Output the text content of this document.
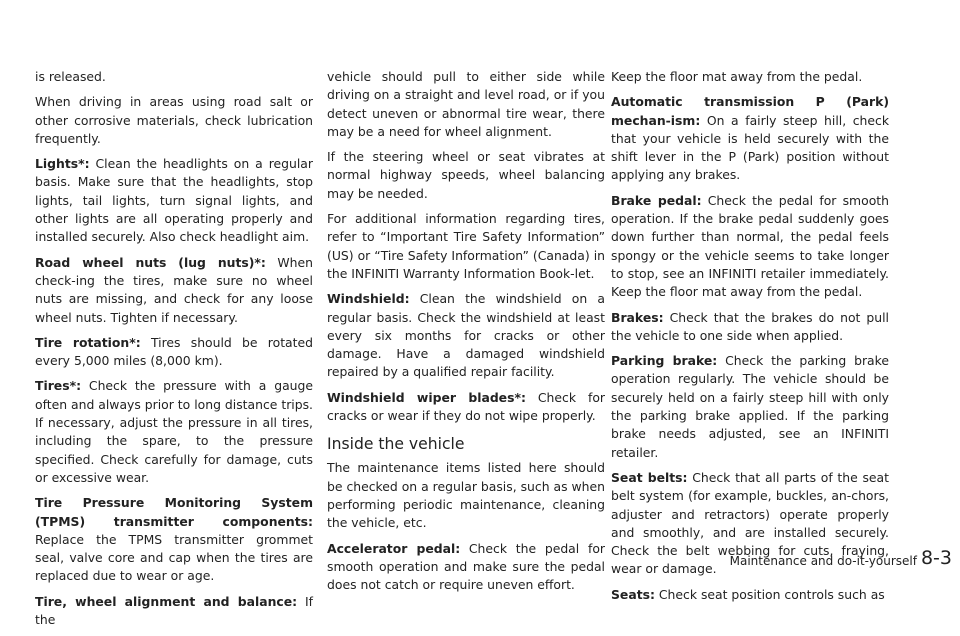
is released.

When driving in areas using road salt or other corrosive materials, check lubrication frequently.

Lights*: Clean the headlights on a regular basis. Make sure that the headlights, stop lights, tail lights, turn signal lights, and other lights are all operating properly and installed securely. Also check headlight aim.

Road wheel nuts (lug nuts)*: When check-ing the tires, make sure no wheel nuts are missing, and check for any loose wheel nuts. Tighten if necessary.

Tire rotation*: Tires should be rotated every 5,000 miles (8,000 km).

Tires*: Check the pressure with a gauge often and always prior to long distance trips. If necessary, adjust the pressure in all tires, including the spare, to the pressure specified. Check carefully for damage, cuts or excessive wear.

Tire Pressure Monitoring System (TPMS) transmitter components: Replace the TPMS transmitter grommet seal, valve core and cap when the tires are replaced due to wear or age.

Tire, wheel alignment and balance: If the

vehicle should pull to either side while driving on a straight and level road, or if you detect uneven or abnormal tire wear, there may be a need for wheel alignment.

If the steering wheel or seat vibrates at normal highway speeds, wheel balancing may be needed.

For additional information regarding tires, refer to “Important Tire Safety Information” (US) or “Tire Safety Information” (Canada) in the INFINITI Warranty Information Book-let.

Windshield: Clean the windshield on a regular basis. Check the windshield at least every six months for cracks or other damage. Have a damaged windshield repaired by a qualified repair facility.

Windshield wiper blades*: Check for cracks or wear if they do not wipe properly.

Inside the vehicle

The maintenance items listed here should be checked on a regular basis, such as when performing periodic maintenance, cleaning the vehicle, etc.

Accelerator pedal: Check the pedal for smooth operation and make sure the pedal does not catch or require uneven effort.

Keep the floor mat away from the pedal.

Automatic transmission P (Park) mechan-ism: On a fairly steep hill, check that your vehicle is held securely with the shift lever in the P (Park) position without applying any brakes.

Brake pedal: Check the pedal for smooth operation. If the brake pedal suddenly goes down further than normal, the pedal feels spongy or the vehicle seems to take longer to stop, see an INFINITI retailer immediately. Keep the floor mat away from the pedal.

Brakes: Check that the brakes do not pull the vehicle to one side when applied.

Parking brake: Check the parking brake operation regularly. The vehicle should be securely held on a fairly steep hill with only the parking brake applied. If the parking brake needs adjusted, see an INFINITI retailer.

Seat belts: Check that all parts of the seat belt system (for example, buckles, an-chors, adjuster and retractors) operate properly and smoothly, and are installed securely. Check the belt webbing for cuts, fraying, wear or damage.

Seats: Check seat position controls such as

Maintenance and do-it-yourself 8-3
